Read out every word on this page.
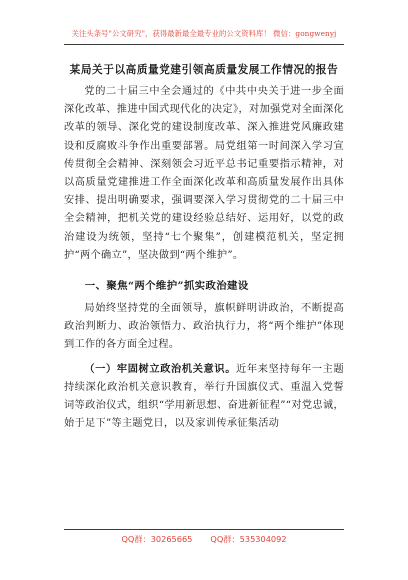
关注头条号"公文研究"，获得最新最全最专业的公文资料库！ 微信：gongwenyj
某局关于以高质量党建引领高质量发展工作情况的报告

党的二十届三中全会通过的《中共中央关于进一步全面深化改革、推进中国式现代化的决定》，对加强党对全面深化改革的领导、深化党的建设制度改革、深入推进党风廉政建设和反腐败斗争作出重要部署。局党组第一时间深入学习宣传贯彻全会精神、深刻领会习近平总书记重要指示精神，对以高质量党建推进工作全面深化改革和高质量发展作出具体安排、提出明确要求，强调要深入学习贯彻党的二十届三中全会精神，把机关党的建设经验总结好、运用好，以党的政治建设为统领，坚持“七个聚集”，创建模范机关，坚定拥护“两个确立”，坚决做到“两个维护”。

一、聚焦“两个维护”抓实政治建设

局始终坚持党的全面领导，旗帜鲜明讲政治，不断提高政治判断力、政治领悟力、政治执行力，将“两个维护”体现到工作的各方面全过程。

（一）牢固树立政治机关意识。近年来坚持每年一主题持续深化政治机关意识教育，举行升国旗仪式、重温入党誓词等政治仪式，组织“学用新思想、奋进新征程”“对党忠诚，始于足下”等主题党日，以及家训传承征集活动

QQ群：30265665 QQ群：535304092
